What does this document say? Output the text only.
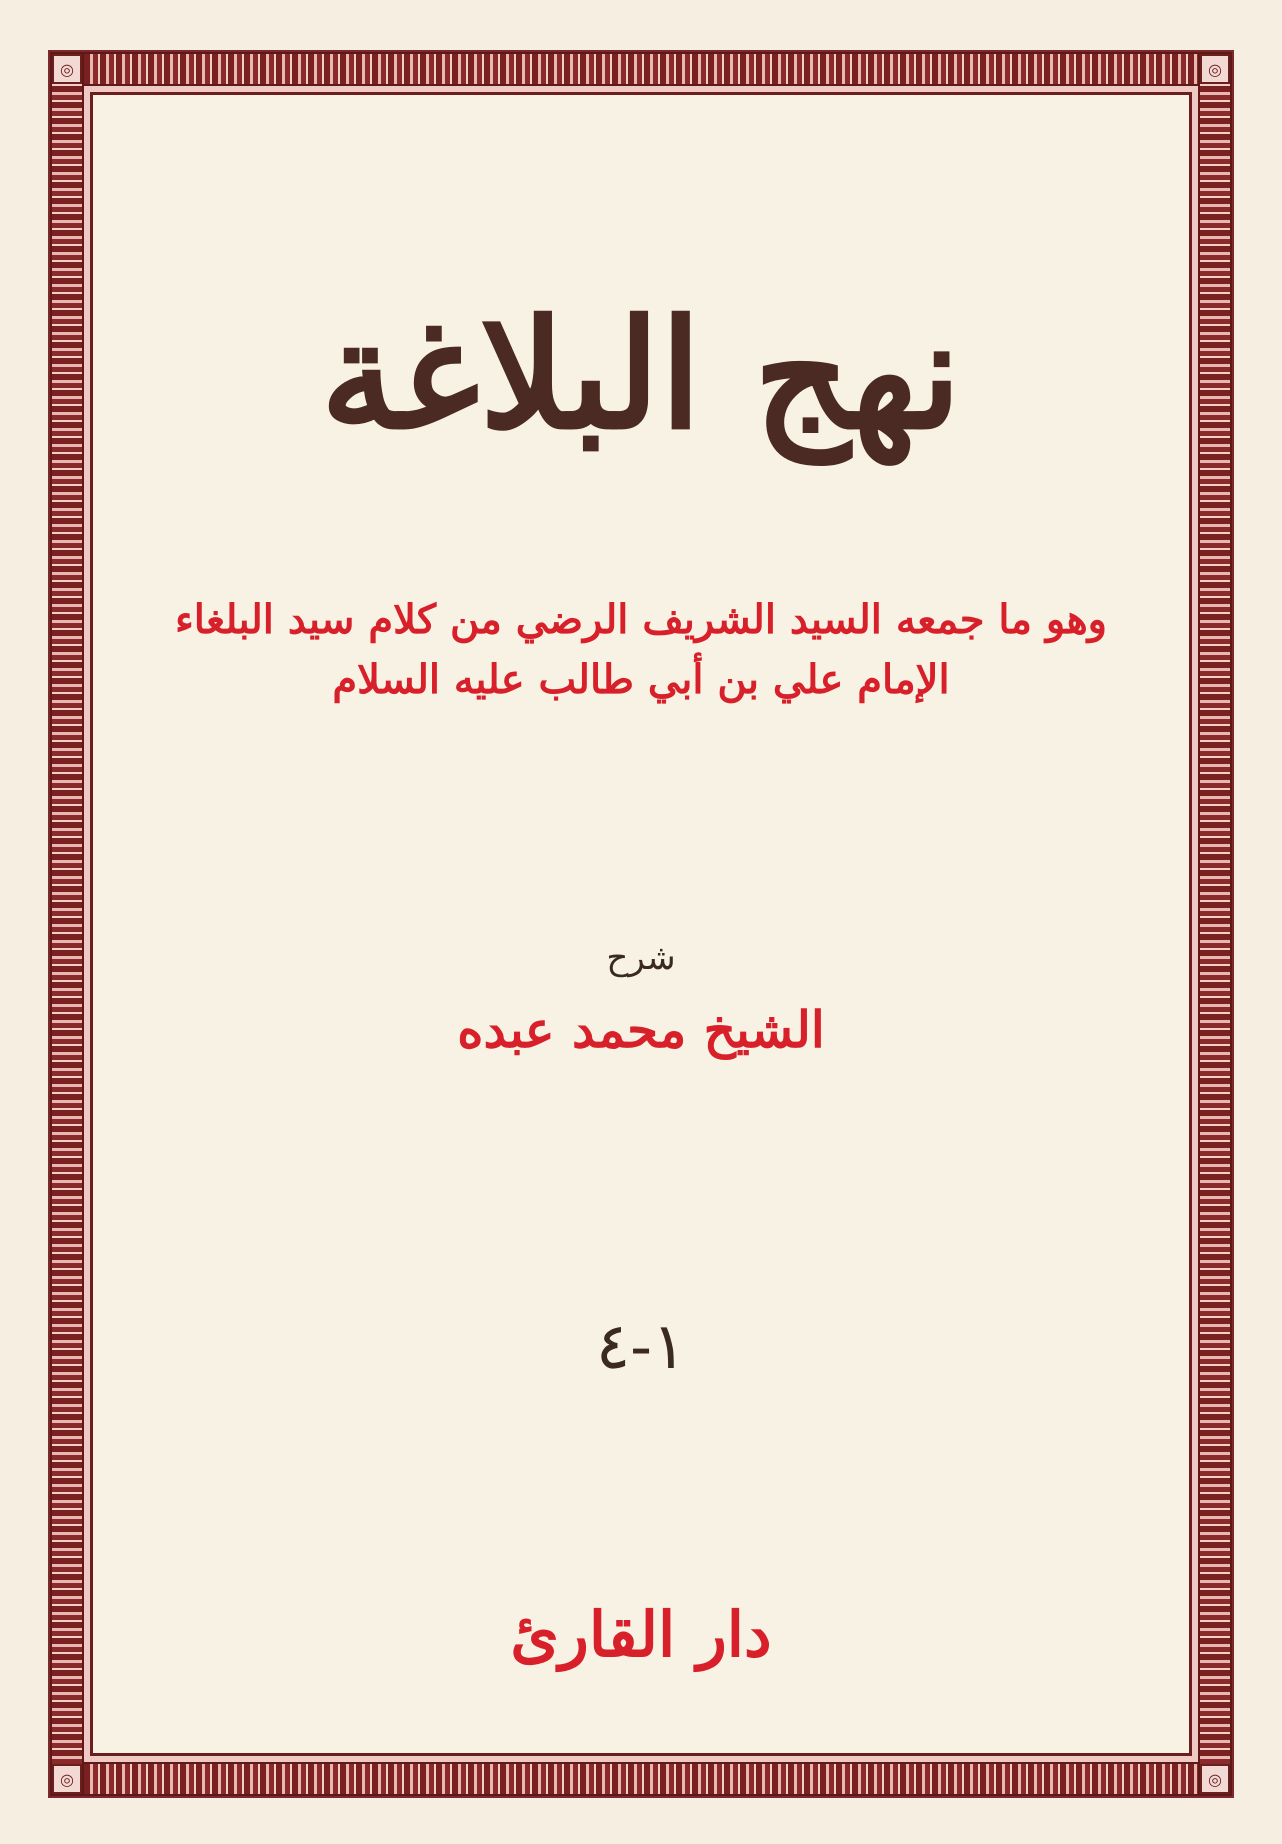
◎	◎
◎	◎
نهج البلاغة
وهو ما جمعه السيد الشريف الرضي من كلام سيد البلغاء
الإمام علي بن أبي طالب عليه السلام
شرح
الشيخ محمد عبده
١-٤
دار القارئ
